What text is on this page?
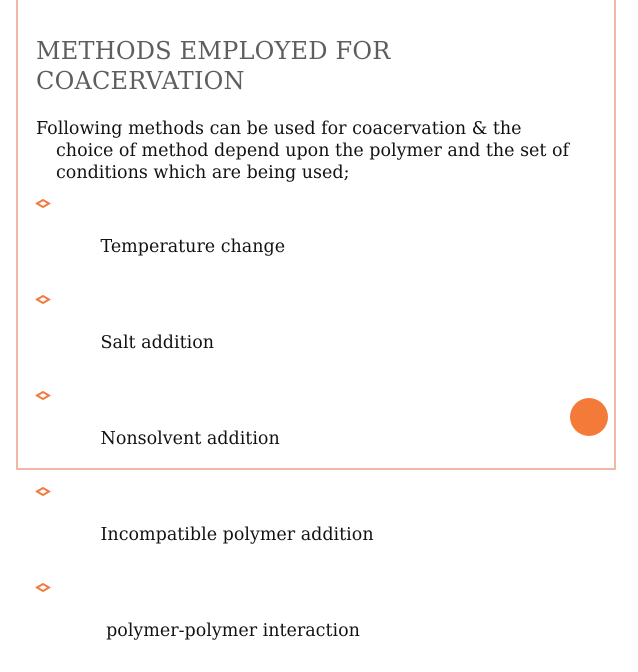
METHODS EMPLOYED FOR COACERVATION

Following methods can be used for coacervation & the choice of method depend upon the polymer and the set of conditions which are being used;

Temperature change

Salt addition

Nonsolvent addition

Incompatible polymer addition

polymer-polymer interaction
